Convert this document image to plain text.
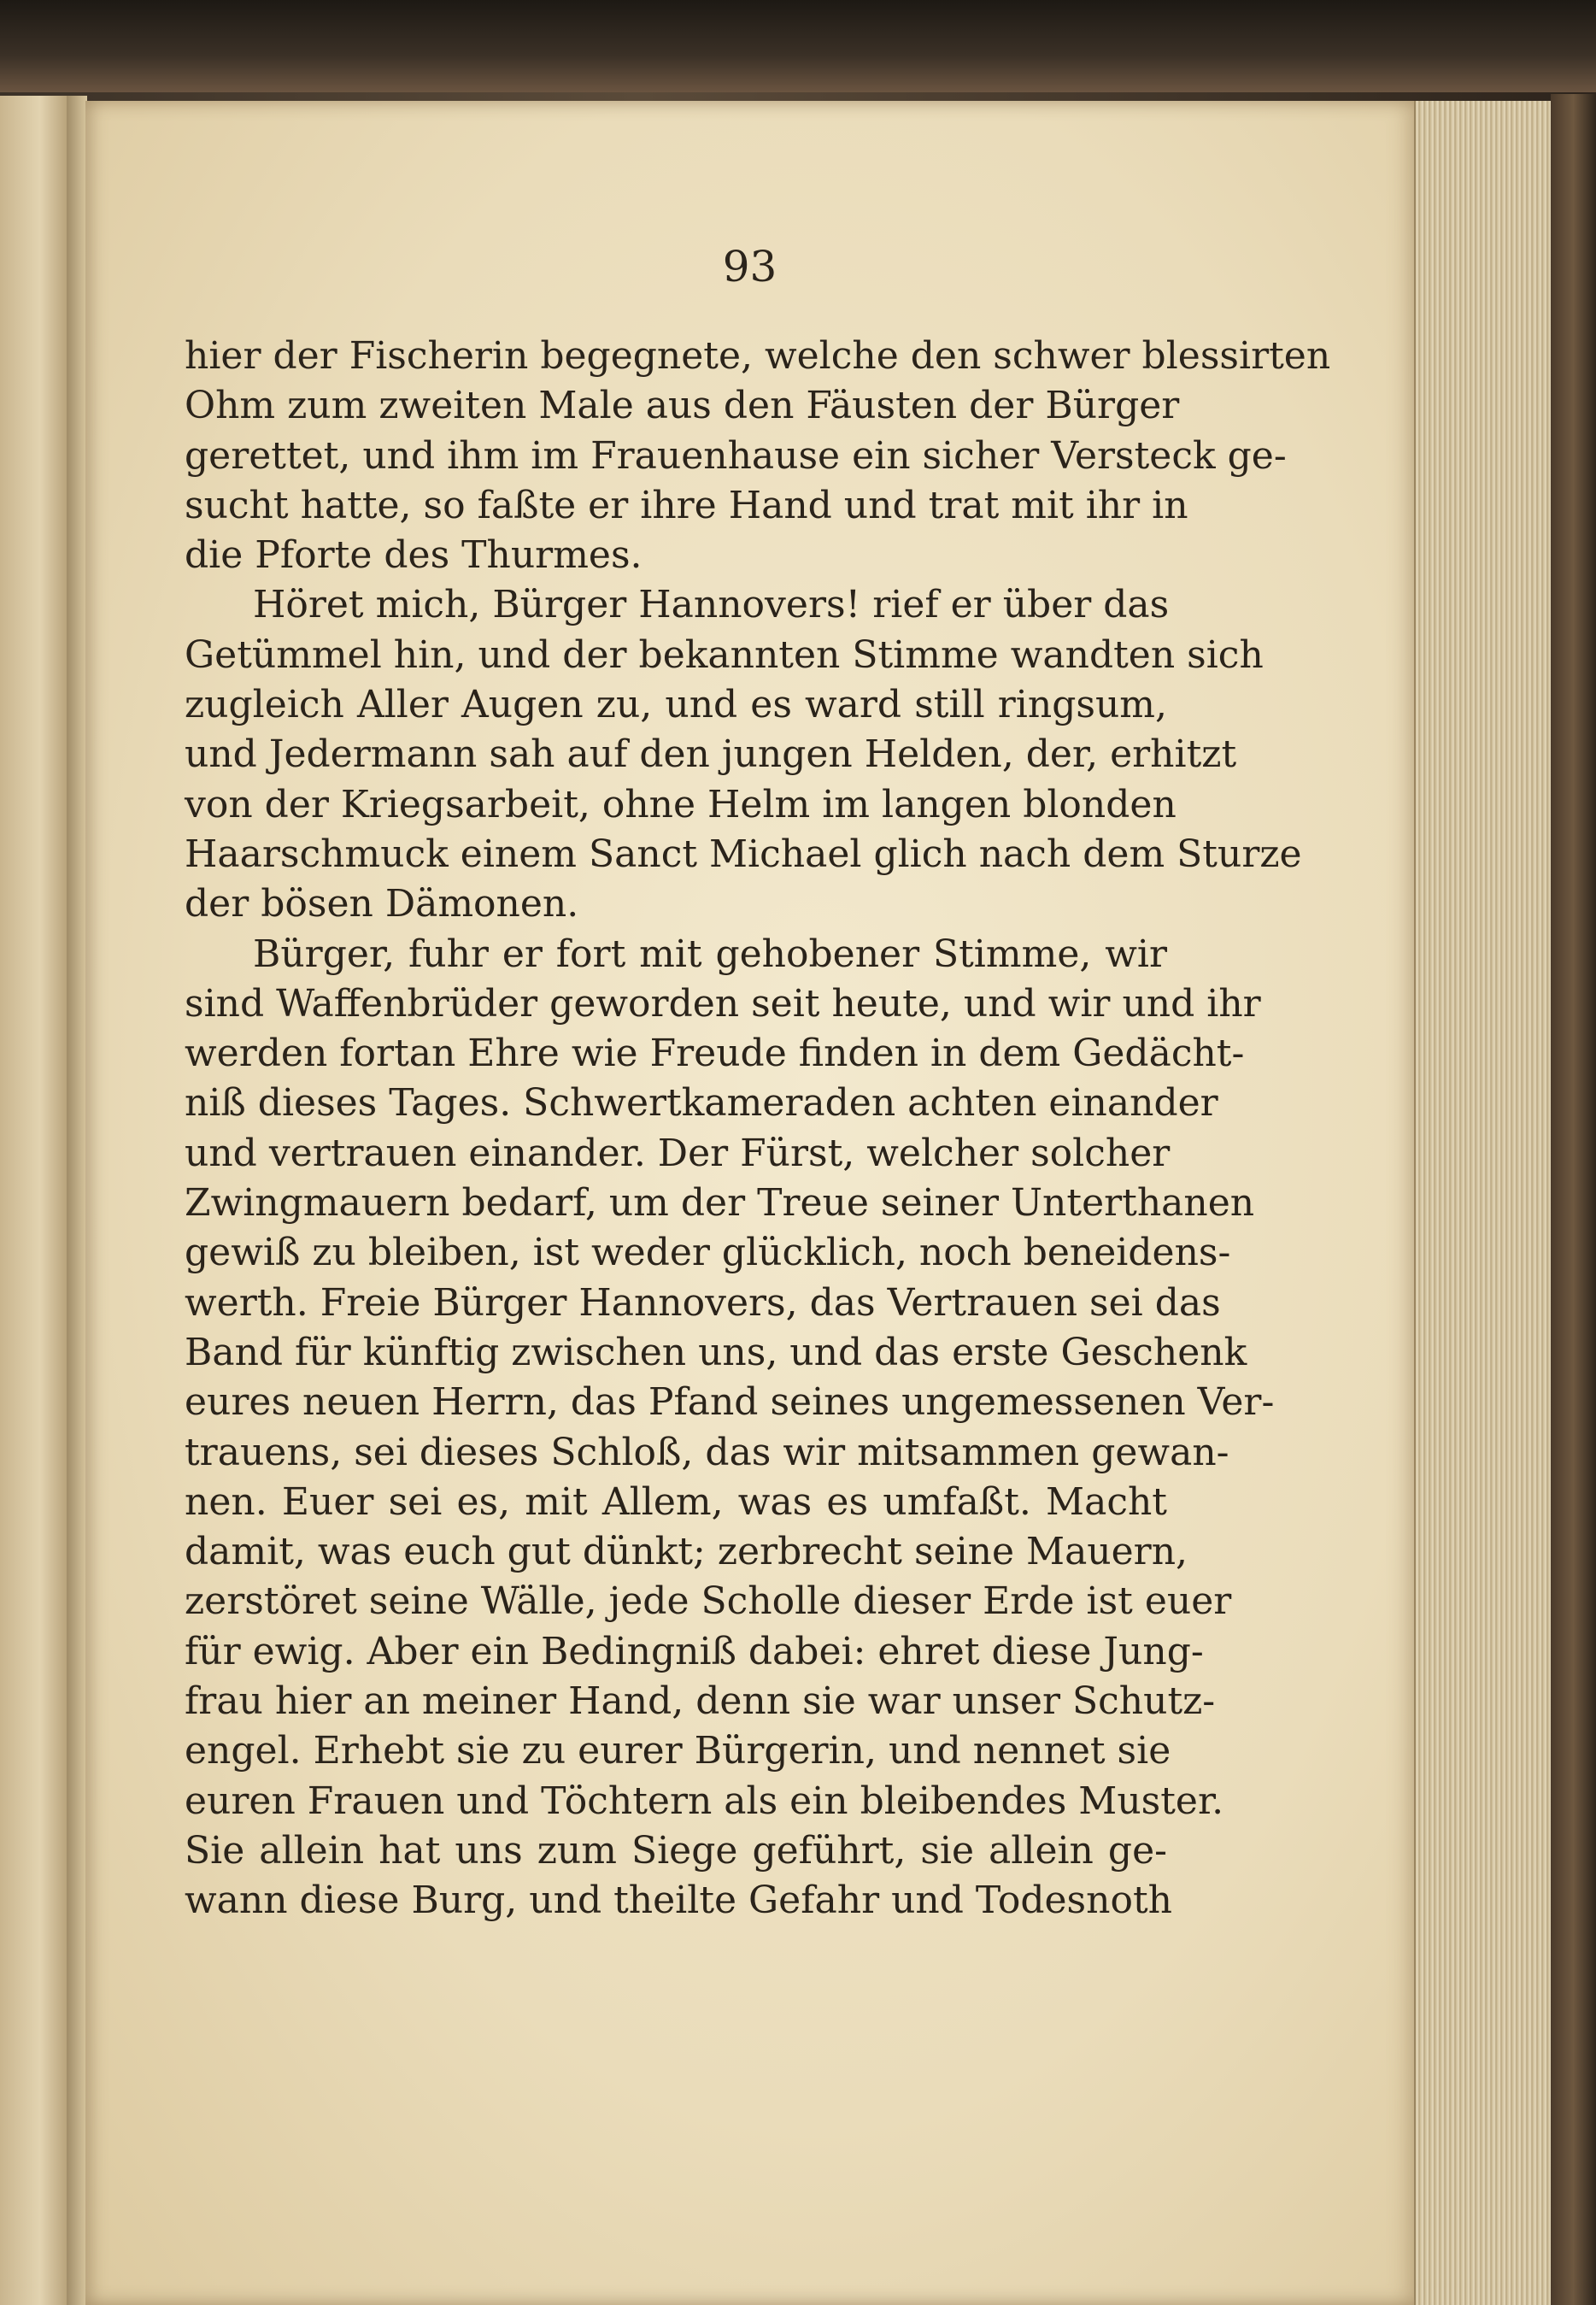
93

hier der Fischerin begegnete, welche den schwer blessirten
Ohm zum zweiten Male aus den Fäusten der Bürger
gerettet, und ihm im Frauenhause ein sicher Versteck ge-
sucht hatte, so faßte er ihre Hand und trat mit ihr in
die Pforte des Thurmes.
Höret mich, Bürger Hannovers! rief er über das
Getümmel hin, und der bekannten Stimme wandten sich
zugleich Aller Augen zu, und es ward still ringsum,
und Jedermann sah auf den jungen Helden, der, erhitzt
von der Kriegsarbeit, ohne Helm im langen blonden
Haarschmuck einem Sanct Michael glich nach dem Sturze
der bösen Dämonen.
Bürger, fuhr er fort mit gehobener Stimme, wir
sind Waffenbrüder geworden seit heute, und wir und ihr
werden fortan Ehre wie Freude finden in dem Gedächt-
niß dieses Tages. Schwertkameraden achten einander
und vertrauen einander. Der Fürst, welcher solcher
Zwingmauern bedarf, um der Treue seiner Unterthanen
gewiß zu bleiben, ist weder glücklich, noch beneidens-
werth. Freie Bürger Hannovers, das Vertrauen sei das
Band für künftig zwischen uns, und das erste Geschenk
eures neuen Herrn, das Pfand seines ungemessenen Ver-
trauens, sei dieses Schloß, das wir mitsammen gewan-
nen. Euer sei es, mit Allem, was es umfaßt. Macht
damit, was euch gut dünkt; zerbrecht seine Mauern,
zerstöret seine Wälle, jede Scholle dieser Erde ist euer
für ewig. Aber ein Bedingniß dabei: ehret diese Jung-
frau hier an meiner Hand, denn sie war unser Schutz-
engel. Erhebt sie zu eurer Bürgerin, und nennet sie
euren Frauen und Töchtern als ein bleibendes Muster.
Sie allein hat uns zum Siege geführt, sie allein ge-
wann diese Burg, und theilte Gefahr und Todesnoth
